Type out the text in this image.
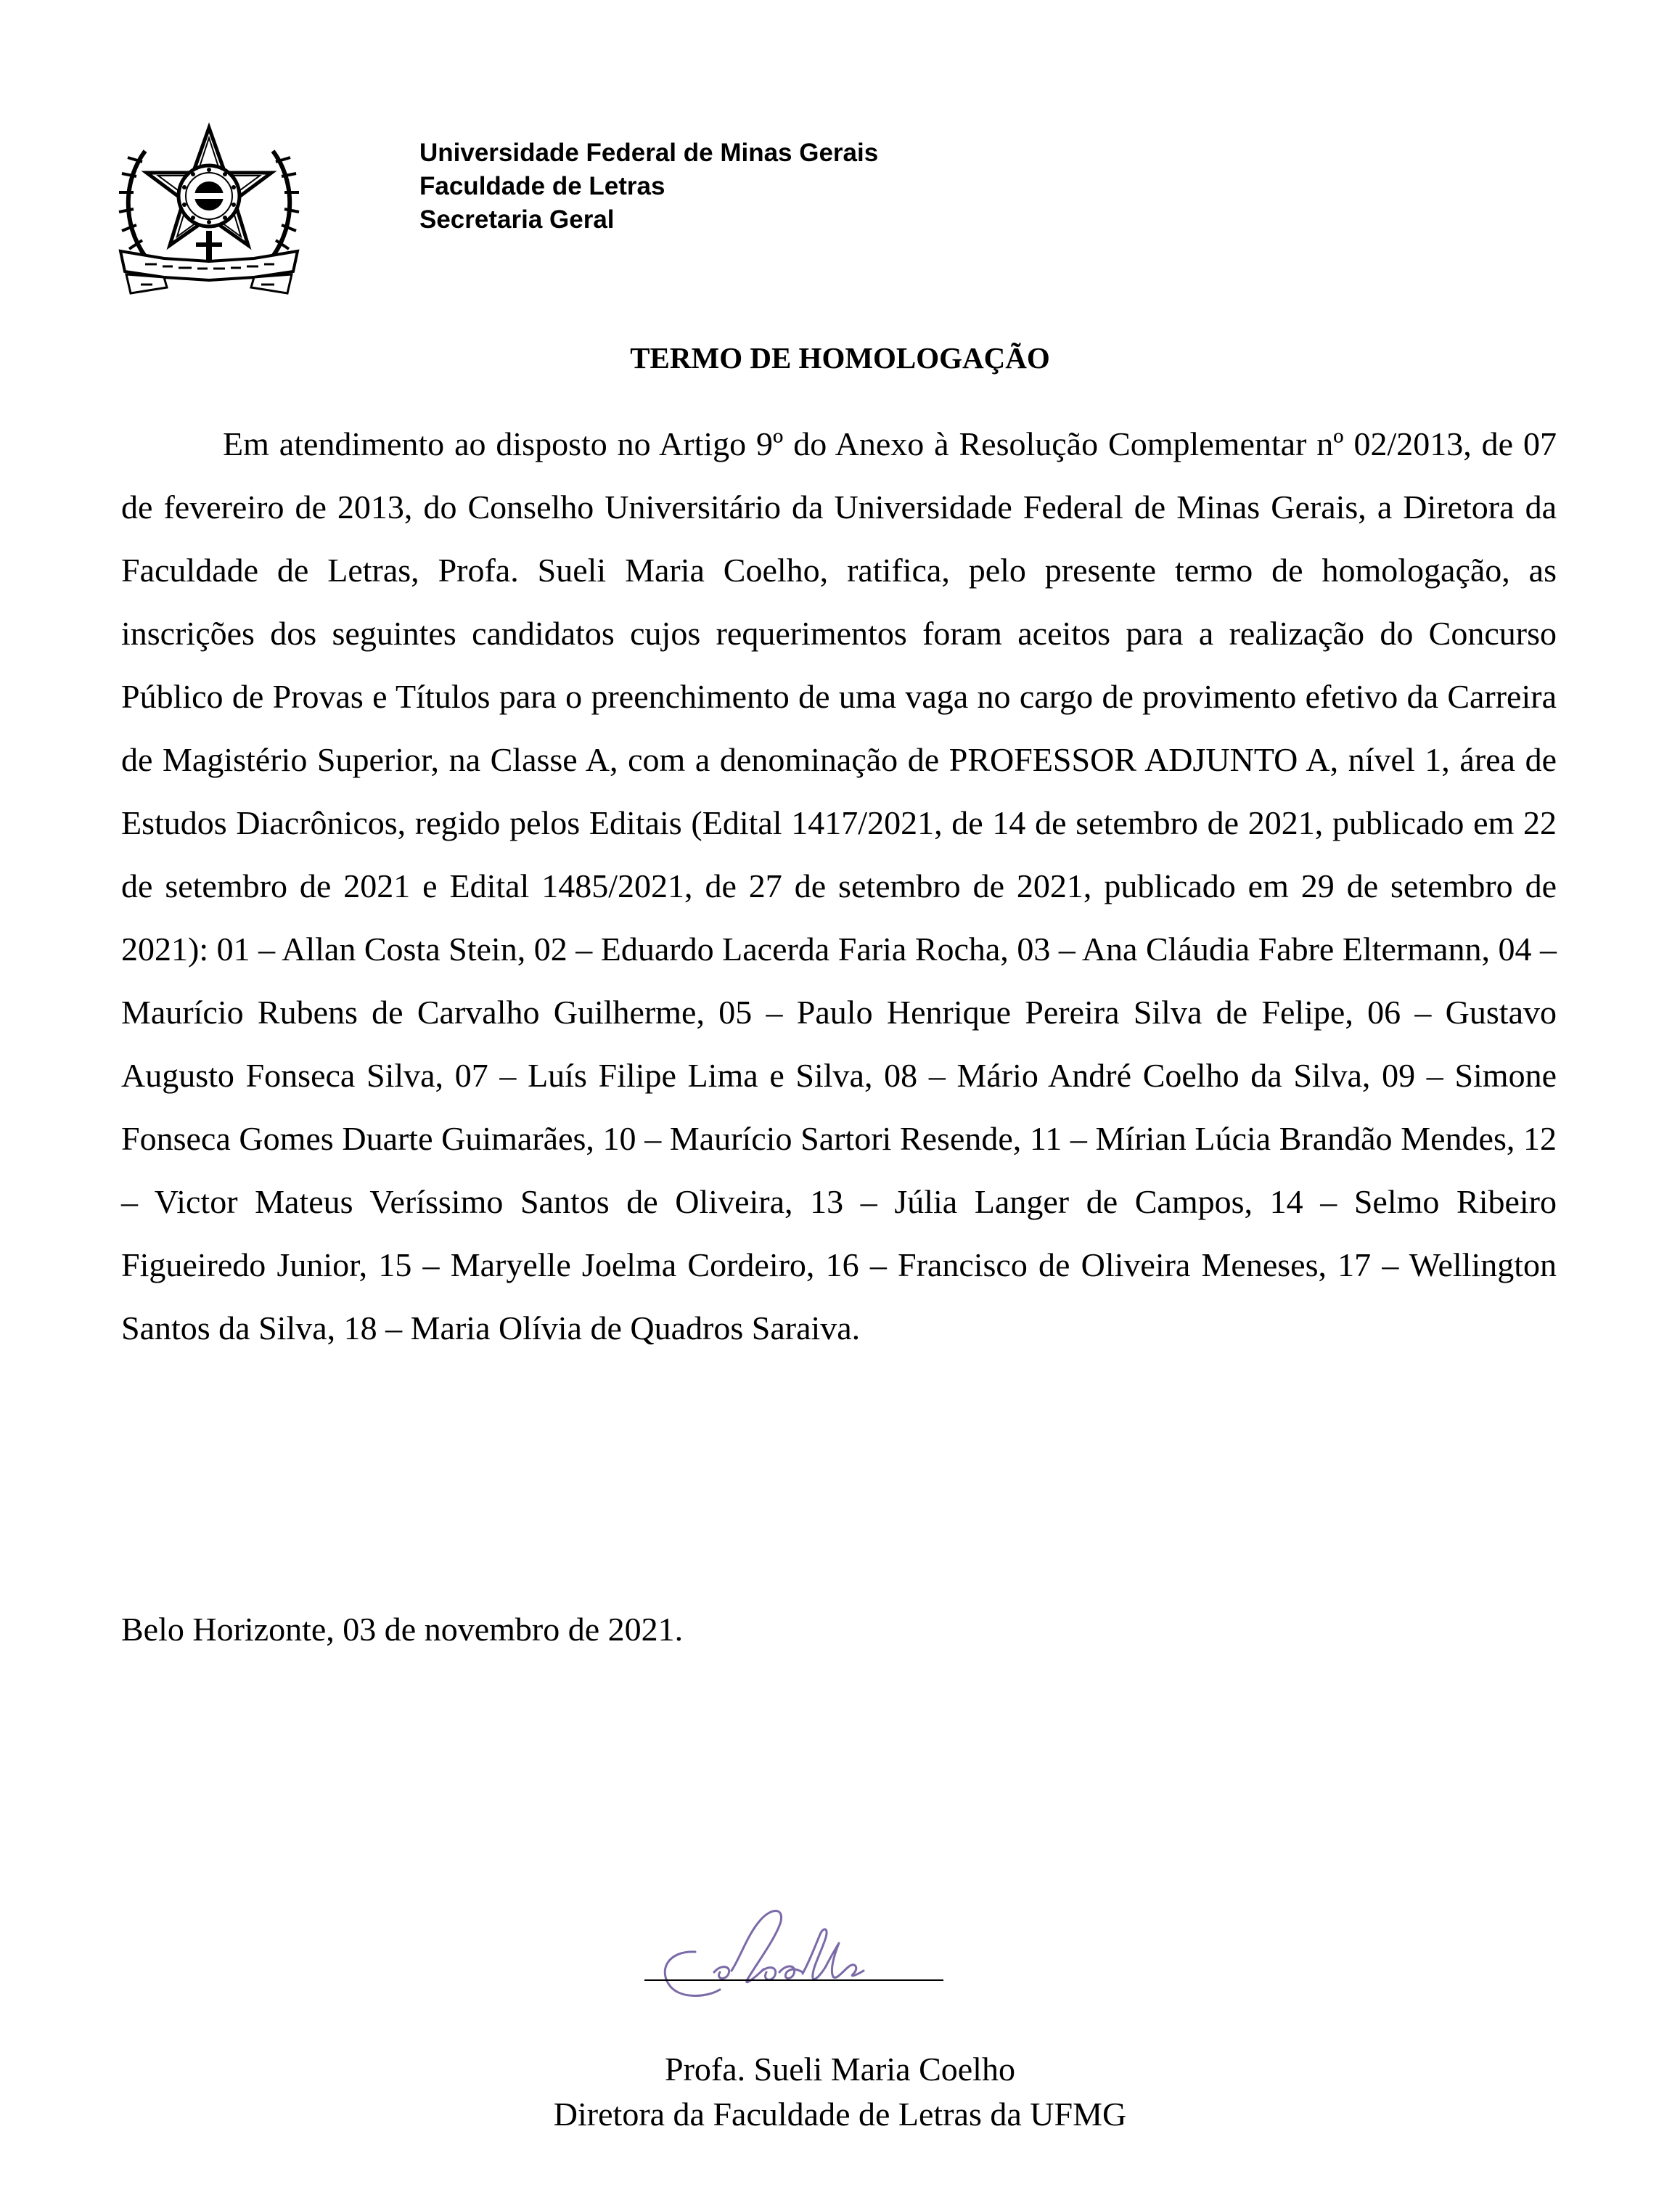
Universidade Federal de Minas Gerais
Faculdade de Letras
Secretaria Geral
TERMO DE HOMOLOGAÇÃO
Em atendimento ao disposto no Artigo 9º do Anexo à Resolução Complementar nº 02/2013, de 07 de fevereiro de 2013, do Conselho Universitário da Universidade Federal de Minas Gerais, a Diretora da Faculdade de Letras, Profa. Sueli Maria Coelho, ratifica, pelo presente termo de homologação, as inscrições dos seguintes candidatos cujos requerimentos foram aceitos para a realização do Concurso Público de Provas e Títulos para o preenchimento de uma vaga no cargo de provimento efetivo da Carreira de Magistério Superior, na Classe A, com a denominação de PROFESSOR ADJUNTO A, nível 1, área de Estudos Diacrônicos, regido pelos Editais (Edital 1417/2021, de 14 de setembro de 2021, publicado em 22 de setembro de 2021 e Edital 1485/2021, de 27 de setembro de 2021, publicado em 29 de setembro de 2021): 01 – Allan Costa Stein, 02 – Eduardo Lacerda Faria Rocha, 03 – Ana Cláudia Fabre Eltermann, 04 – Maurício Rubens de Carvalho Guilherme, 05 – Paulo Henrique Pereira Silva de Felipe, 06 – Gustavo Augusto Fonseca Silva, 07 – Luís Filipe Lima e Silva, 08 – Mário André Coelho da Silva, 09 – Simone Fonseca Gomes Duarte Guimarães, 10 – Maurício Sartori Resende, 11 – Mírian Lúcia Brandão Mendes, 12 – Victor Mateus Veríssimo Santos de Oliveira, 13 – Júlia Langer de Campos, 14 – Selmo Ribeiro Figueiredo Junior, 15 – Maryelle Joelma Cordeiro, 16 – Francisco de Oliveira Meneses, 17 – Wellington Santos da Silva, 18 – Maria Olívia de Quadros Saraiva.
Belo Horizonte, 03 de novembro de 2021.
Profa. Sueli Maria Coelho
Diretora da Faculdade de Letras da UFMG
